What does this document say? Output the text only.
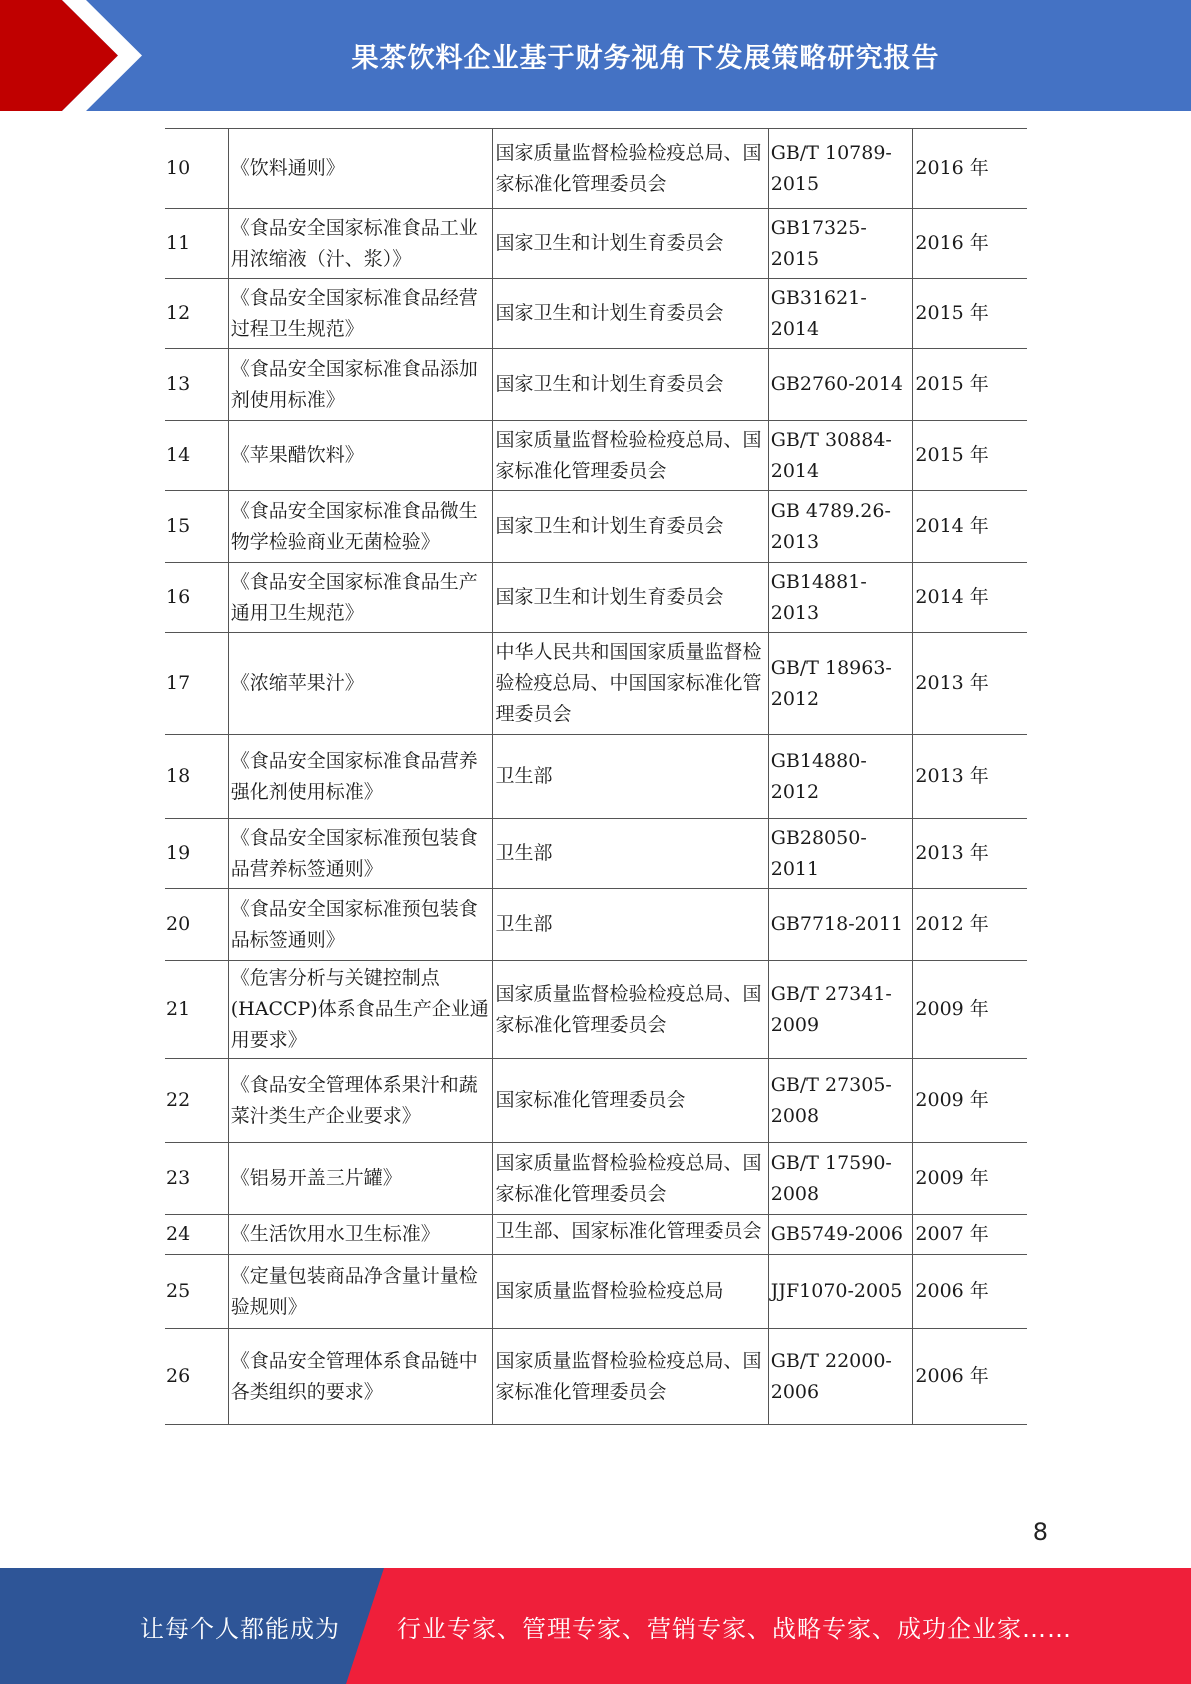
果茶饮料企业基于财务视角下发展策略研究报告
10	《饮料通则》	国家质量监督检验检疫总局、国家标准化管理委员会	GB/T 10789-2015	2016 年
11	《食品安全国家标准食品工业用浓缩液（汁、浆）》	国家卫生和计划生育委员会	GB17325-2015	2016 年
12	《食品安全国家标准食品经营过程卫生规范》	国家卫生和计划生育委员会	GB31621-2014	2015 年
13	《食品安全国家标准食品添加剂使用标准》	国家卫生和计划生育委员会	GB2760-2014	2015 年
14	《苹果醋饮料》	国家质量监督检验检疫总局、国家标准化管理委员会	GB/T 30884-2014	2015 年
15	《食品安全国家标准食品微生物学检验商业无菌检验》	国家卫生和计划生育委员会	GB 4789.26-2013	2014 年
16	《食品安全国家标准食品生产通用卫生规范》	国家卫生和计划生育委员会	GB14881-2013	2014 年
17	《浓缩苹果汁》	中华人民共和国国家质量监督检验检疫总局、中国国家标准化管理委员会	GB/T 18963-2012	2013 年
18	《食品安全国家标准食品营养强化剂使用标准》	卫生部	GB14880-2012	2013 年
19	《食品安全国家标准预包装食品营养标签通则》	卫生部	GB28050-2011	2013 年
20	《食品安全国家标准预包装食品标签通则》	卫生部	GB7718-2011	2012 年
21	《危害分析与关键控制点(HACCP)体系食品生产企业通用要求》	国家质量监督检验检疫总局、国家标准化管理委员会	GB/T 27341-2009	2009 年
22	《食品安全管理体系果汁和蔬菜汁类生产企业要求》	国家标准化管理委员会	GB/T 27305-2008	2009 年
23	《铝易开盖三片罐》	国家质量监督检验检疫总局、国家标准化管理委员会	GB/T 17590-2008	2009 年
24	《生活饮用水卫生标准》	卫生部、国家标准化管理委员会	GB5749-2006	2007 年
25	《定量包装商品净含量计量检验规则》	国家质量监督检验检疫总局	JJF1070-2005	2006 年
26	《食品安全管理体系食品链中各类组织的要求》	国家质量监督检验检疫总局、国家标准化管理委员会	GB/T 22000-2006	2006 年
8
让每个人都能成为 行业专家、管理专家、营销专家、战略专家、成功企业家……
